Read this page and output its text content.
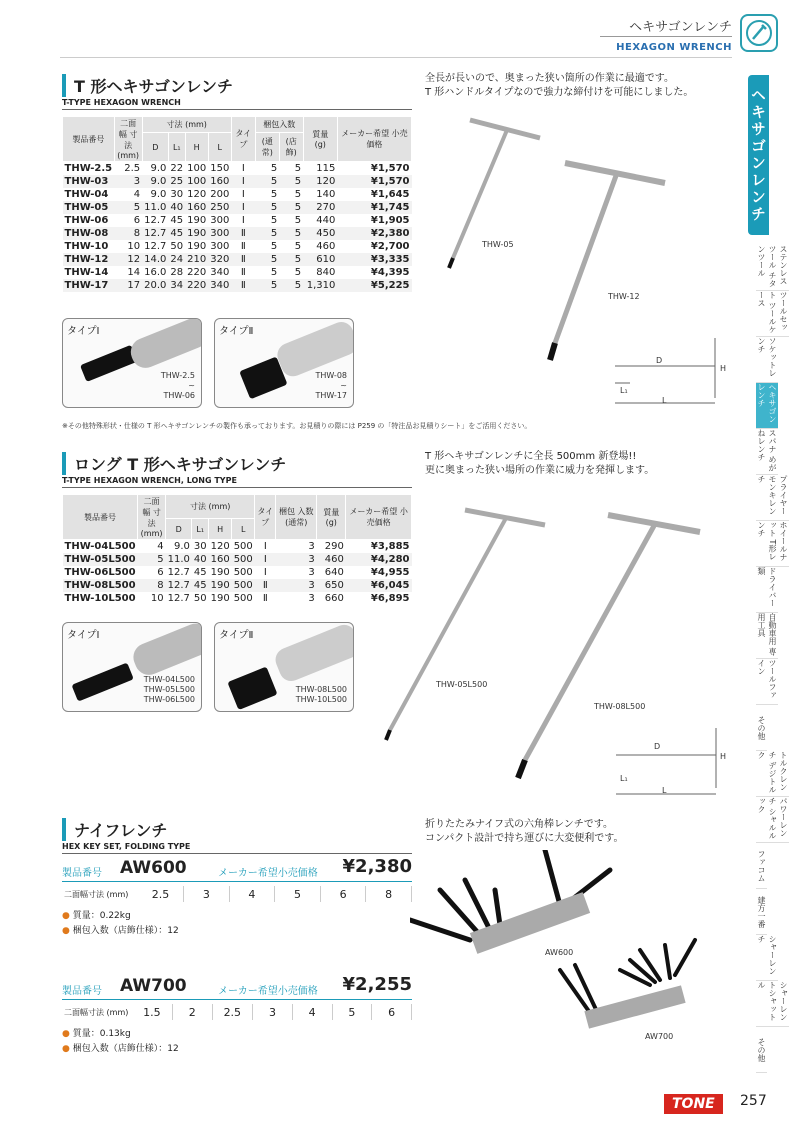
ヘキサゴンレンチ
HEXAGON WRENCH
ヘキサゴンレンチ
ステンレスツール チタンツール
ツールセット ツールケース
ソケットレンチ
ヘキサゴンレンチ
スパナ めがねレンチ
プライヤー モンキレンチ
ホイールナット T形レンチ
ドライバー類
自動車用 専用工具
ツールファイン
その他
トルクレンチ デジトルク
パワーレンチ シャルルック
ファコム
建方一番
シャーレンチ
シャーレン トシャットル
その他
T 形ヘキサゴンレンチ
T-TYPE HEXAGON WRENCH
全長が長いので、奥まった狭い箇所の作業に最適です。
T 形ハンドルタイプなので強力な締付けを可能にしました。
製品番号	二面幅 寸法 (mm)	寸法 (mm)				タイプ	梱包入数		質量 (g)	メーカー希望 小売価格
		D	L₁	H	L		(通常)	(店飾)		
THW-2.5	2.5	9.0	22	100	150	Ⅰ	5	5	115	¥1,570
THW-03	3	9.0	25	100	160	Ⅰ	5	5	120	¥1,570
THW-04	4	9.0	30	120	200	Ⅰ	5	5	140	¥1,645
THW-05	5	11.0	40	160	250	Ⅰ	5	5	270	¥1,745
THW-06	6	12.7	45	190	300	Ⅰ	5	5	440	¥1,905
THW-08	8	12.7	45	190	300	Ⅱ	5	5	450	¥2,380
THW-10	10	12.7	50	190	300	Ⅱ	5	5	460	¥2,700
THW-12	12	14.0	24	210	320	Ⅱ	5	5	610	¥3,335
THW-14	14	16.0	28	220	340	Ⅱ	5	5	840	¥4,395
THW-17	17	20.0	34	220	340	Ⅱ	5	5	1,310	¥5,225
タイプⅠ
THW-2.5
~
THW-06
タイプⅡ
THW-08
~
THW-17
THW-05
THW-12
D
H
L₁
L
※その他特殊形状・仕様の T 形ヘキサゴンレンチの製作も承っております。お見積りの際には P259 の「特注品お見積りシート」をご活用ください。
ロング T 形ヘキサゴンレンチ
T-TYPE HEXAGON WRENCH, LONG TYPE
T 形ヘキサゴンレンチに全長 500mm 新登場!!
更に奥まった狭い場所の作業に威力を発揮します。
製品番号	二面幅 寸法 (mm)	寸法 (mm)				タイプ	梱包 入数 (通常)	質量 (g)	メーカー希望 小売価格
		D	L₁	H	L				
THW-04L500	4	9.0	30	120	500	Ⅰ	3	290	¥3,885
THW-05L500	5	11.0	40	160	500	Ⅰ	3	460	¥4,280
THW-06L500	6	12.7	45	190	500	Ⅰ	3	640	¥4,955
THW-08L500	8	12.7	45	190	500	Ⅱ	3	650	¥6,045
THW-10L500	10	12.7	50	190	500	Ⅱ	3	660	¥6,895
タイプⅠ
THW-04L500
THW-05L500
THW-06L500
タイプⅡ
THW-08L500
THW-10L500
THW-05L500
THW-08L500
D
H
L₁
L
ナイフレンチ
HEX KEY SET, FOLDING TYPE
折りたたみナイフ式の六角棒レンチです。
コンパクト設計で持ち運びに大変便利です。
製品番号 AW600	メーカー希望小売価格 ¥2,380
二面幅寸法 (mm)	2.5	3	4	5	6	8
● 質量：0.22kg
● 梱包入数（店飾仕様）：12
製品番号 AW700	メーカー希望小売価格 ¥2,255
二面幅寸法 (mm)	1.5	2	2.5	3	4	5	6
● 質量：0.13kg
● 梱包入数（店飾仕様）：12
AW600
AW700
TONE	257
